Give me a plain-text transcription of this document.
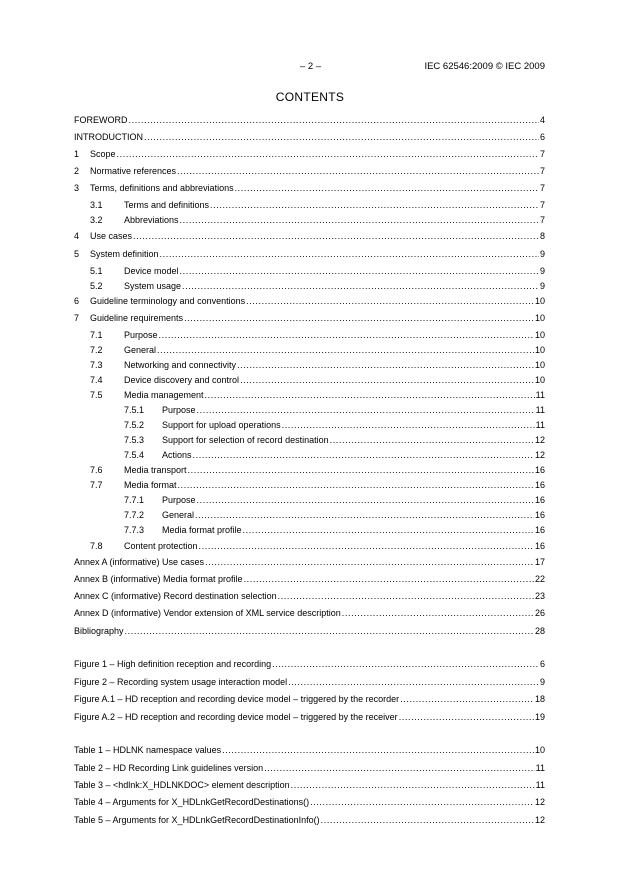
– 2 –	IEC 62546:2009 © IEC 2009
CONTENTS
FOREWORD .....	4
INTRODUCTION .....	6
1	Scope .....	7
2	Normative references .....	7
3	Terms, definitions and abbreviations .....	7
3.1	Terms and definitions .....	7
3.2	Abbreviations .....	7
4	Use cases .....	8
5	System definition .....	9
5.1	Device model .....	9
5.2	System usage .....	9
6	Guideline terminology and conventions .....	10
7	Guideline requirements .....	10
7.1	Purpose .....	10
7.2	General .....	10
7.3	Networking and connectivity .....	10
7.4	Device discovery and control .....	10
7.5	Media management .....	11
7.5.1	Purpose .....	11
7.5.2	Support for upload operations .....	11
7.5.3	Support for selection of record destination .....	12
7.5.4	Actions .....	12
7.6	Media transport .....	16
7.7	Media format .....	16
7.7.1	Purpose .....	16
7.7.2	General .....	16
7.7.3	Media format profile .....	16
7.8	Content protection .....	16
Annex A (informative) Use cases .....	17
Annex B (informative) Media format profile .....	22
Annex C (informative) Record destination selection .....	23
Annex D (informative) Vendor extension of XML service description .....	26
Bibliography .....	28
Figure 1 – High definition reception and recording .....	6
Figure 2 – Recording system usage interaction model .....	9
Figure A.1 – HD reception and recording device model – triggered by the recorder .....	18
Figure A.2 – HD reception and recording device model – triggered by the receiver .....	19
Table 1 – HDLNK namespace values .....	10
Table 2 – HD Recording Link guidelines version .....	11
Table 3 – <hdlnk:X_HDLNKDOC> element description .....	11
Table 4 – Arguments for X_HDLnkGetRecordDestinations() .....	12
Table 5 – Arguments for X_HDLnkGetRecordDestinationInfo() .....	12
